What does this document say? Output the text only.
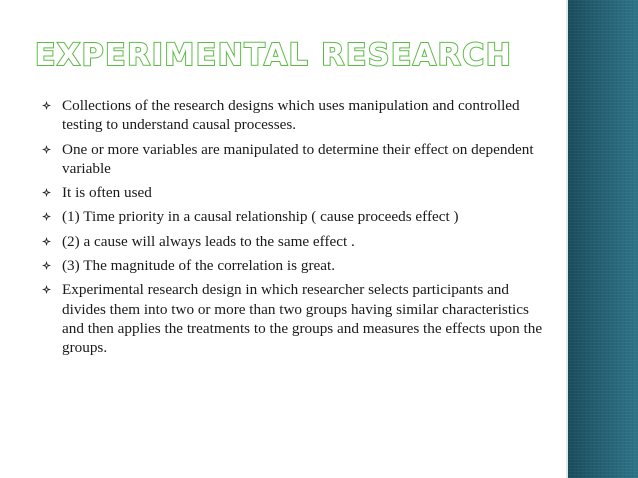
EXPERIMENTAL RESEARCH
Collections of the research designs which uses manipulation and controlled testing to understand causal processes.
One or more variables are manipulated to determine their effect on dependent variable
It is often used
(1) Time priority in a causal relationship ( cause proceeds effect )
(2) a cause will always leads to the same effect .
(3) The magnitude of the correlation is great.
Experimental research design in which researcher selects participants and divides them into two or more than two groups having similar characteristics and then applies the treatments to the groups and measures the effects upon the groups.
